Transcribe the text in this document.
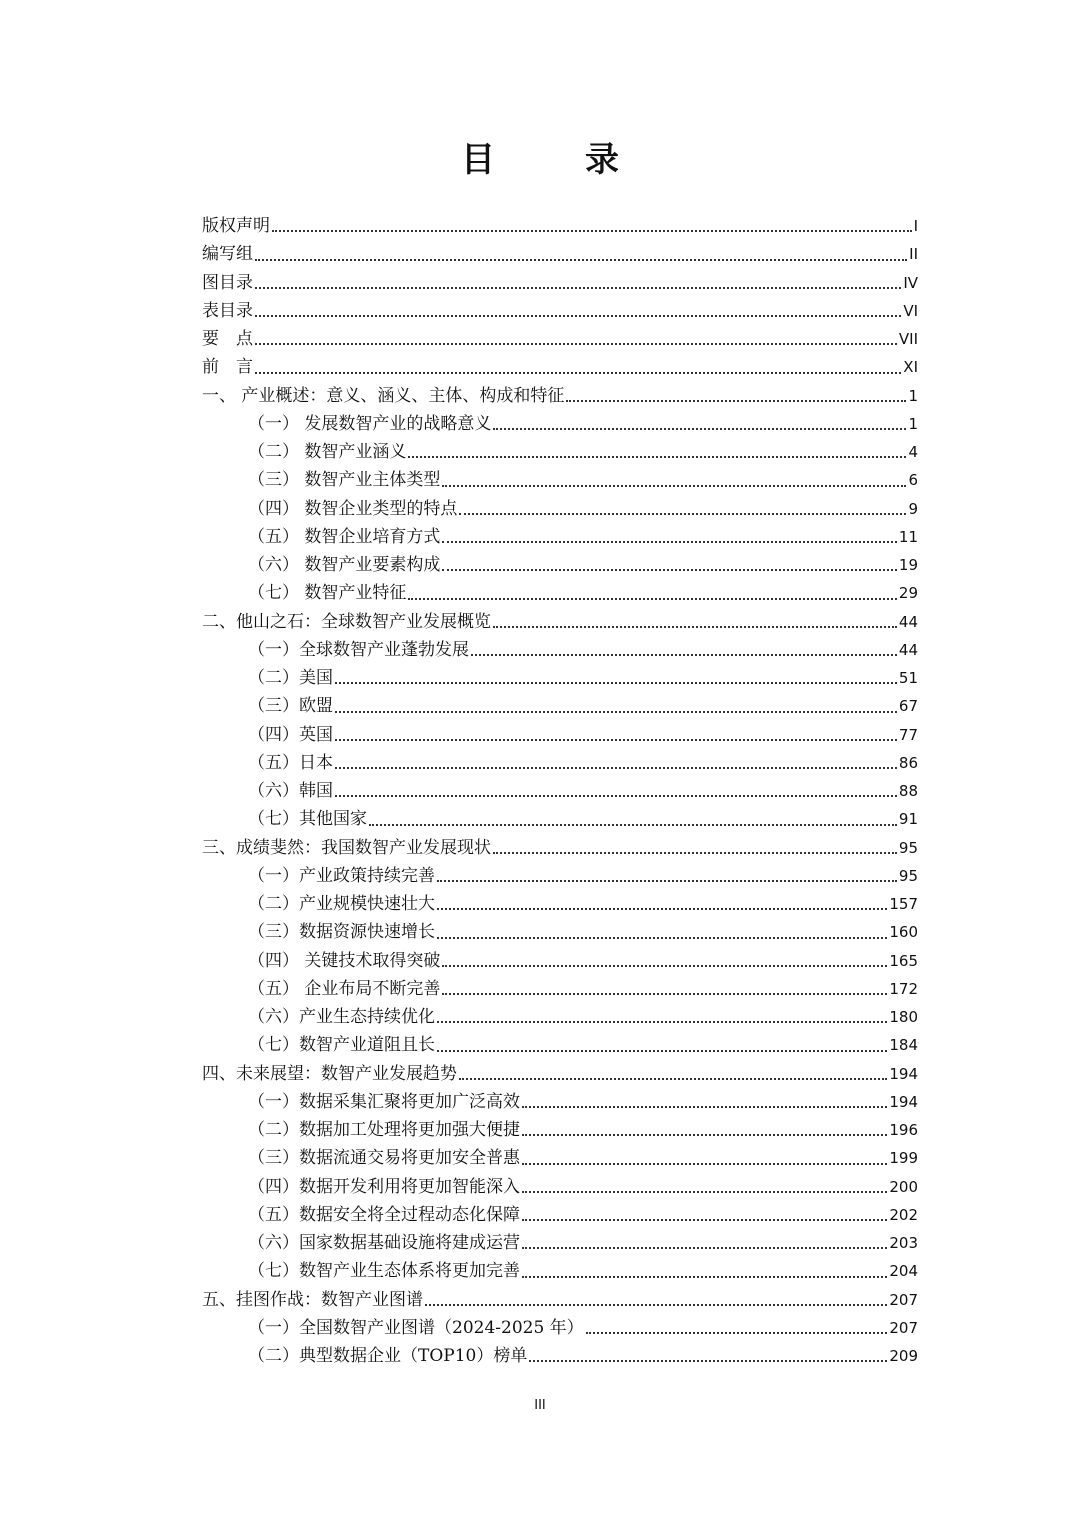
目　录
版权声明	I
编写组	II
图目录	IV
表目录	VI
要　点	VII
前　言	XI
一、 产业概述：意义、涵义、主体、构成和特征	1
（一） 发展数智产业的战略意义	1
（二） 数智产业涵义	4
（三） 数智产业主体类型	6
（四） 数智企业类型的特点	9
（五） 数智企业培育方式	11
（六） 数智产业要素构成	19
（七） 数智产业特征	29
二、他山之石：全球数智产业发展概览	44
（一）全球数智产业蓬勃发展	44
（二）美国	51
（三）欧盟	67
（四）英国	77
（五）日本	86
（六）韩国	88
（七）其他国家	91
三、成绩斐然：我国数智产业发展现状	95
（一）产业政策持续完善	95
（二）产业规模快速壮大	157
（三）数据资源快速增长	160
（四） 关键技术取得突破	165
（五） 企业布局不断完善	172
（六）产业生态持续优化	180
（七）数智产业道阻且长	184
四、未来展望：数智产业发展趋势	194
（一）数据采集汇聚将更加广泛高效	194
（二）数据加工处理将更加强大便捷	196
（三）数据流通交易将更加安全普惠	199
（四）数据开发利用将更加智能深入	200
（五）数据安全将全过程动态化保障	202
（六）国家数据基础设施将建成运营	203
（七）数智产业生态体系将更加完善	204
五、挂图作战：数智产业图谱	207
（一）全国数智产业图谱（2024-2025 年）	207
（二）典型数据企业（TOP10）榜单	209
III
